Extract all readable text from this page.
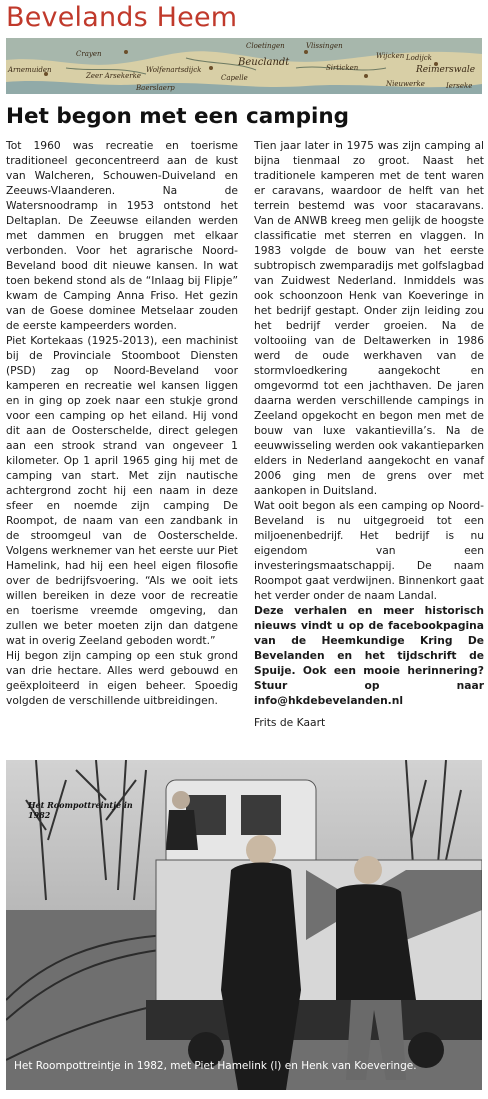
Bevelands Heem
Crayen
Cloetingen	Vlissingen
Arnemuiden
Zeer Arsekerke
Wolfenartsdijck
Capelle
Beuclandt	Lodijck
Reimerswale
Sirticken
Wijcken
Baerslaerp	Nieuwerke	Ierseke
Het begon met een camping

Tot 1960 was recreatie en toerisme traditioneel geconcentreerd aan de kust van Walcheren, Schouwen-Duiveland en Zeeuws-Vlaanderen. Na de Watersnoodramp in 1953 ontstond het Deltaplan. De Zeeuwse eilanden werden met dammen en bruggen met elkaar verbonden. Voor het agrarische Noord-Beveland bood dit nieuwe kansen. In wat toen bekend stond als de “Inlaag bij Flipje” kwam de Camping Anna Friso. Het gezin van de Goese dominee Metselaar zouden de eerste kampeerders worden.

Piet Kortekaas (1925-2013), een machinist bij de Provinciale Stoomboot Diensten (PSD) zag op Noord-Beveland voor kamperen en recreatie wel kansen liggen en in ging op zoek naar een stukje grond voor een camping op het eiland. Hij vond dit aan de Oosterschelde, direct gelegen aan een strook strand van ongeveer 1 kilometer. Op 1 april 1965 ging hij met de camping van start. Met zijn nautische achtergrond zocht hij een naam in deze sfeer en noemde zijn camping De Roompot, de naam van een zandbank in de stroomgeul van de Oosterschelde. Volgens werknemer van het eerste uur Piet Hamelink, had hij een heel eigen filosofie over de bedrijfsvoering. “Als we ooit iets willen bereiken in deze voor de recreatie en toerisme vreemde omgeving, dan zullen we beter moeten zijn dan datgene wat in overig Zeeland geboden wordt.”

Hij begon zijn camping op een stuk grond van drie hectare. Alles werd gebouwd en geëxploiteerd in eigen beheer. Spoedig volgden de verschillende uitbreidingen.

Tien jaar later in 1975 was zijn camping al bijna tienmaal zo groot. Naast het traditionele kamperen met de tent waren er caravans, waardoor de helft van het terrein bestemd was voor stacaravans. Van de ANWB kreeg men gelijk de hoogste classificatie met sterren en vlaggen. In 1983 volgde de bouw van het eerste subtropisch zwemparadijs met golfslagbad van Zuidwest Nederland. Inmiddels was ook schoonzoon Henk van Koeveringe in het bedrijf gestapt. Onder zijn leiding zou het bedrijf verder groeien. Na de voltooiing van de Deltawerken in 1986 werd de oude werkhaven van de stormvloedkering aangekocht en omgevormd tot een jachthaven. De jaren daarna werden verschillende campings in Zeeland opgekocht en begon men met de bouw van luxe vakantievilla’s. Na de eeuwwisseling werden ook vakantieparken elders in Nederland aangekocht en vanaf 2006 ging men de grens over met aankopen in Duitsland.

Wat ooit begon als een camping op Noord-Beveland is nu uitgegroeid tot een miljoenenbedrijf. Het bedrijf is nu eigendom van een investeringsmaatschappij. De naam Roompot gaat verdwijnen. Binnenkort gaat het verder onder de naam Landal.

Deze verhalen en meer historisch nieuws vindt u op de facebookpagina van de Heemkundige Kring De Bevelanden en het tijdschrift de Spuije. Ook een mooie herinnering? Stuur op naar info@hkdebevelanden.nl

Frits de Kaart

Het Roompottreintje in 1982
Het Roompottreintje in 1982, met Piet Hamelink (l) en Henk van Koeveringe.
